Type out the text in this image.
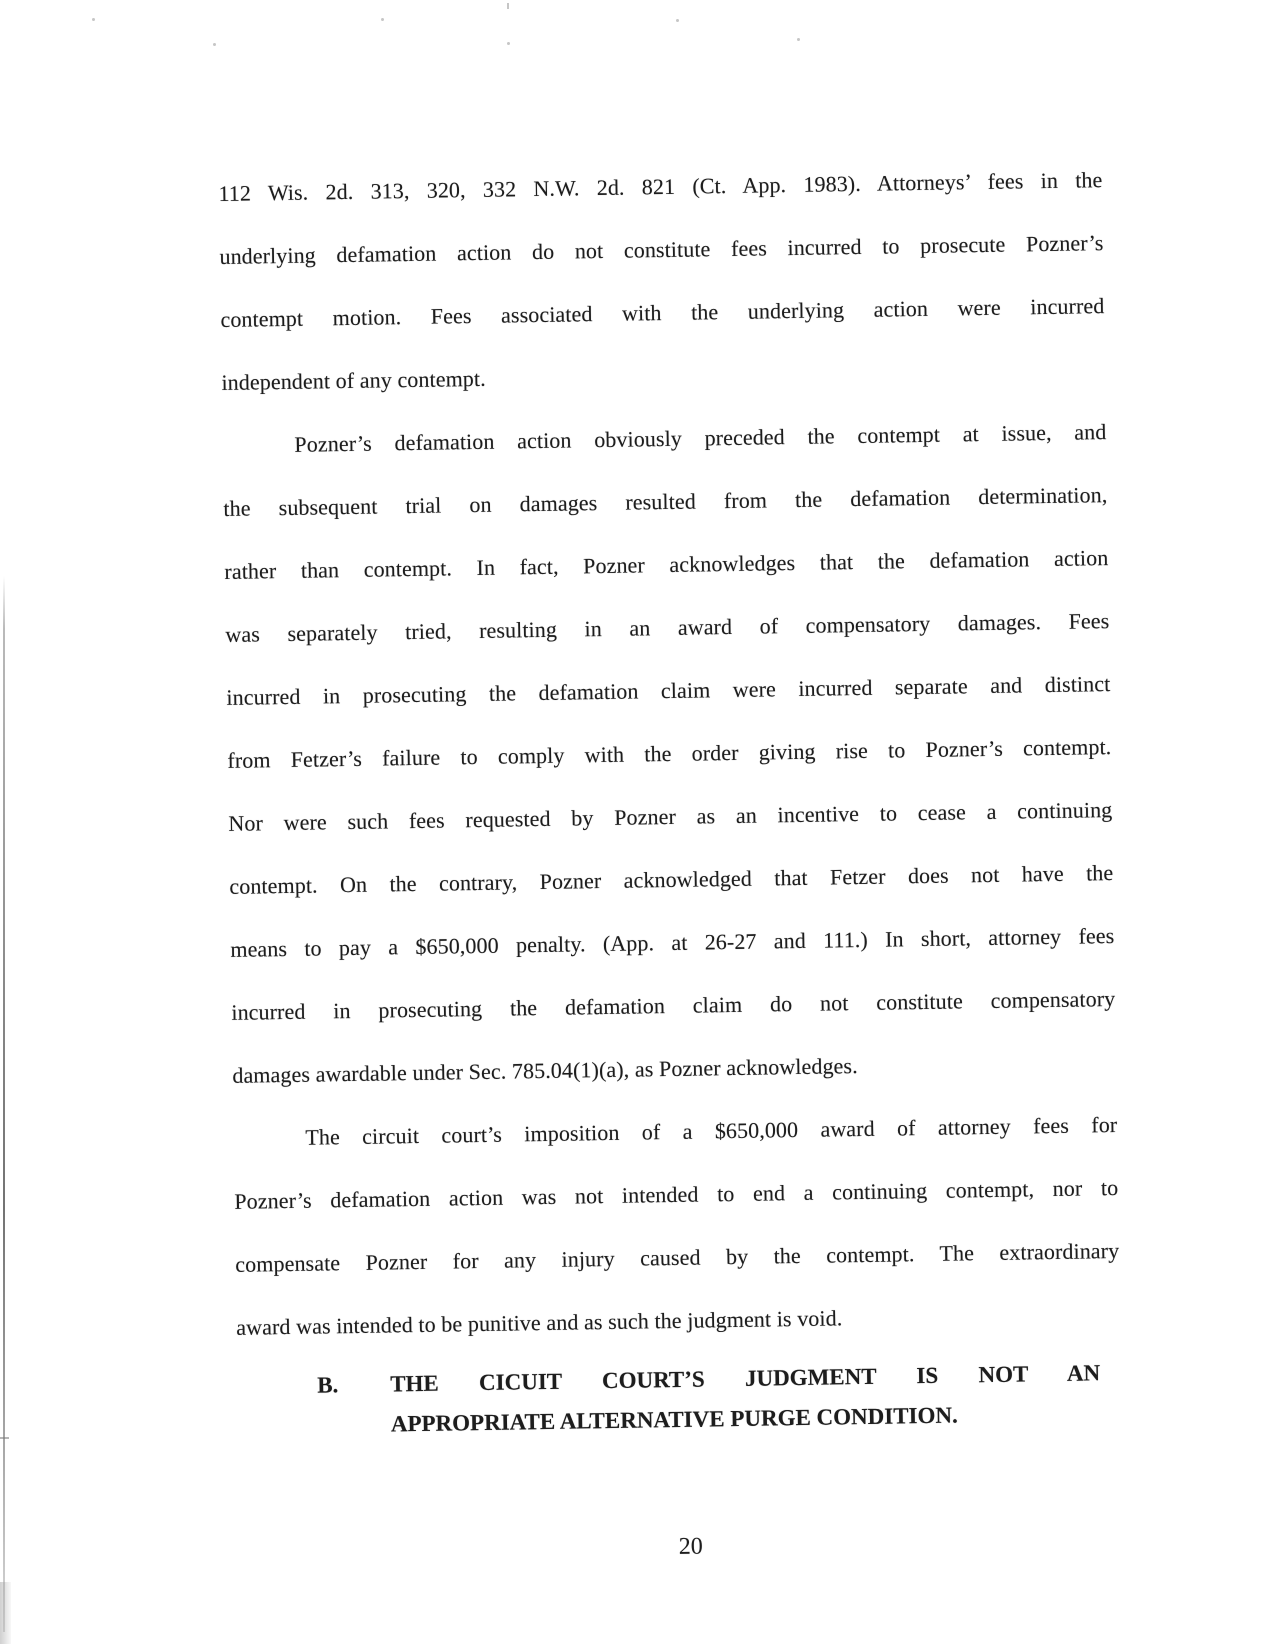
112 Wis. 2d. 313, 320, 332 N.W. 2d. 821 (Ct. App. 1983). Attorneys’ fees in the
underlying defamation action do not constitute fees incurred to prosecute Pozner’s
contempt motion. Fees associated with the underlying action were incurred
independent of any contempt.
Pozner’s defamation action obviously preceded the contempt at issue, and
the subsequent trial on damages resulted from the defamation determination,
rather than contempt. In fact, Pozner acknowledges that the defamation action
was separately tried, resulting in an award of compensatory damages. Fees
incurred in prosecuting the defamation claim were incurred separate and distinct
from Fetzer’s failure to comply with the order giving rise to Pozner’s contempt.
Nor were such fees requested by Pozner as an incentive to cease a continuing
contempt. On the contrary, Pozner acknowledged that Fetzer does not have the
means to pay a $650,000 penalty. (App. at 26-27 and 111.) In short, attorney fees
incurred in prosecuting the defamation claim do not constitute compensatory
damages awardable under Sec. 785.04(1)(a), as Pozner acknowledges.
The circuit court’s imposition of a $650,000 award of attorney fees for
Pozner’s defamation action was not intended to end a continuing contempt, nor to
compensate Pozner for any injury caused by the contempt. The extraordinary
award was intended to be punitive and as such the judgment is void.
B.	THE CICUIT COURT’S JUDGMENT IS NOT AN
APPROPRIATE ALTERNATIVE PURGE CONDITION.
20
